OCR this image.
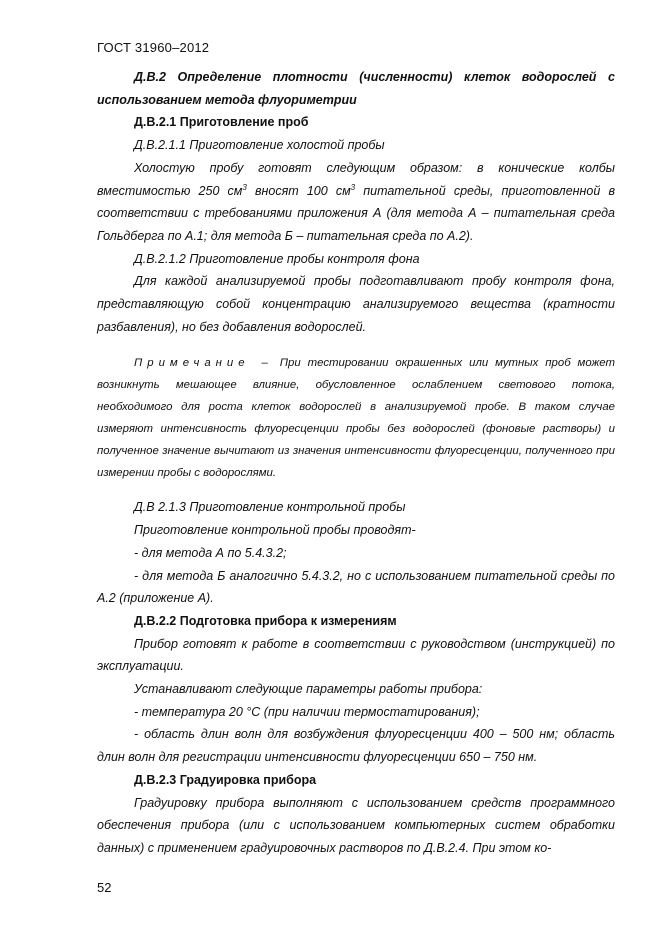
ГОСТ 31960–2012

Д.В.2 Определение плотности (численности) клеток водорослей с использованием метода флуориметрии

Д.В.2.1 Приготовление проб

Д.В.2.1.1 Приготовление холостой пробы

Холостую пробу готовят следующим образом: в конические колбы вместимостью 250 $см^3$ вносят 100 $см^3$ питательной среды, приготовленной в соответствии с требованиями приложения А (для метода А – питательная среда Гольдберга по А.1; для метода Б – питательная среда по А.2).

Д.В.2.1.2 Приготовление пробы контроля фона

Для каждой анализируемой пробы подготавливают пробу контроля фона, представляющую собой концентрацию анализируемого вещества (кратности разбавления), но без добавления водорослей.

Примечание – При тестировании окрашенных или мутных проб может возникнуть мешающее влияние, обусловленное ослаблением светового потока, необходимого для роста клеток водорослей в анализируемой пробе. В таком случае измеряют интенсивность флуоресценции пробы без водорослей (фоновые растворы) и полученное значение вычитают из значения интенсивности флуоресценции, полученного при измерении пробы с водорослями.

Д.В 2.1.3 Приготовление контрольной пробы

Приготовление контрольной пробы проводят-

- для метода А по 5.4.3.2;

- для метода Б аналогично 5.4.3.2, но с использованием питательной среды по А.2 (приложение А).

Д.В.2.2 Подготовка прибора к измерениям

Прибор готовят к работе в соответствии с руководством (инструкцией) по эксплуатации.

Устанавливают следующие параметры работы прибора:

- температура 20 °С (при наличии термостатирования);

- область длин волн для возбуждения флуоресценции 400 – 500 нм; область длин волн для регистрации интенсивности флуоресценции 650 – 750 нм.

Д.В.2.3 Градуировка прибора

Градуировку прибора выполняют с использованием средств программного обеспечения прибора (или с использованием компьютерных систем обработки данных) с применением градуировочных растворов по Д.В.2.4. При этом ко-

52
